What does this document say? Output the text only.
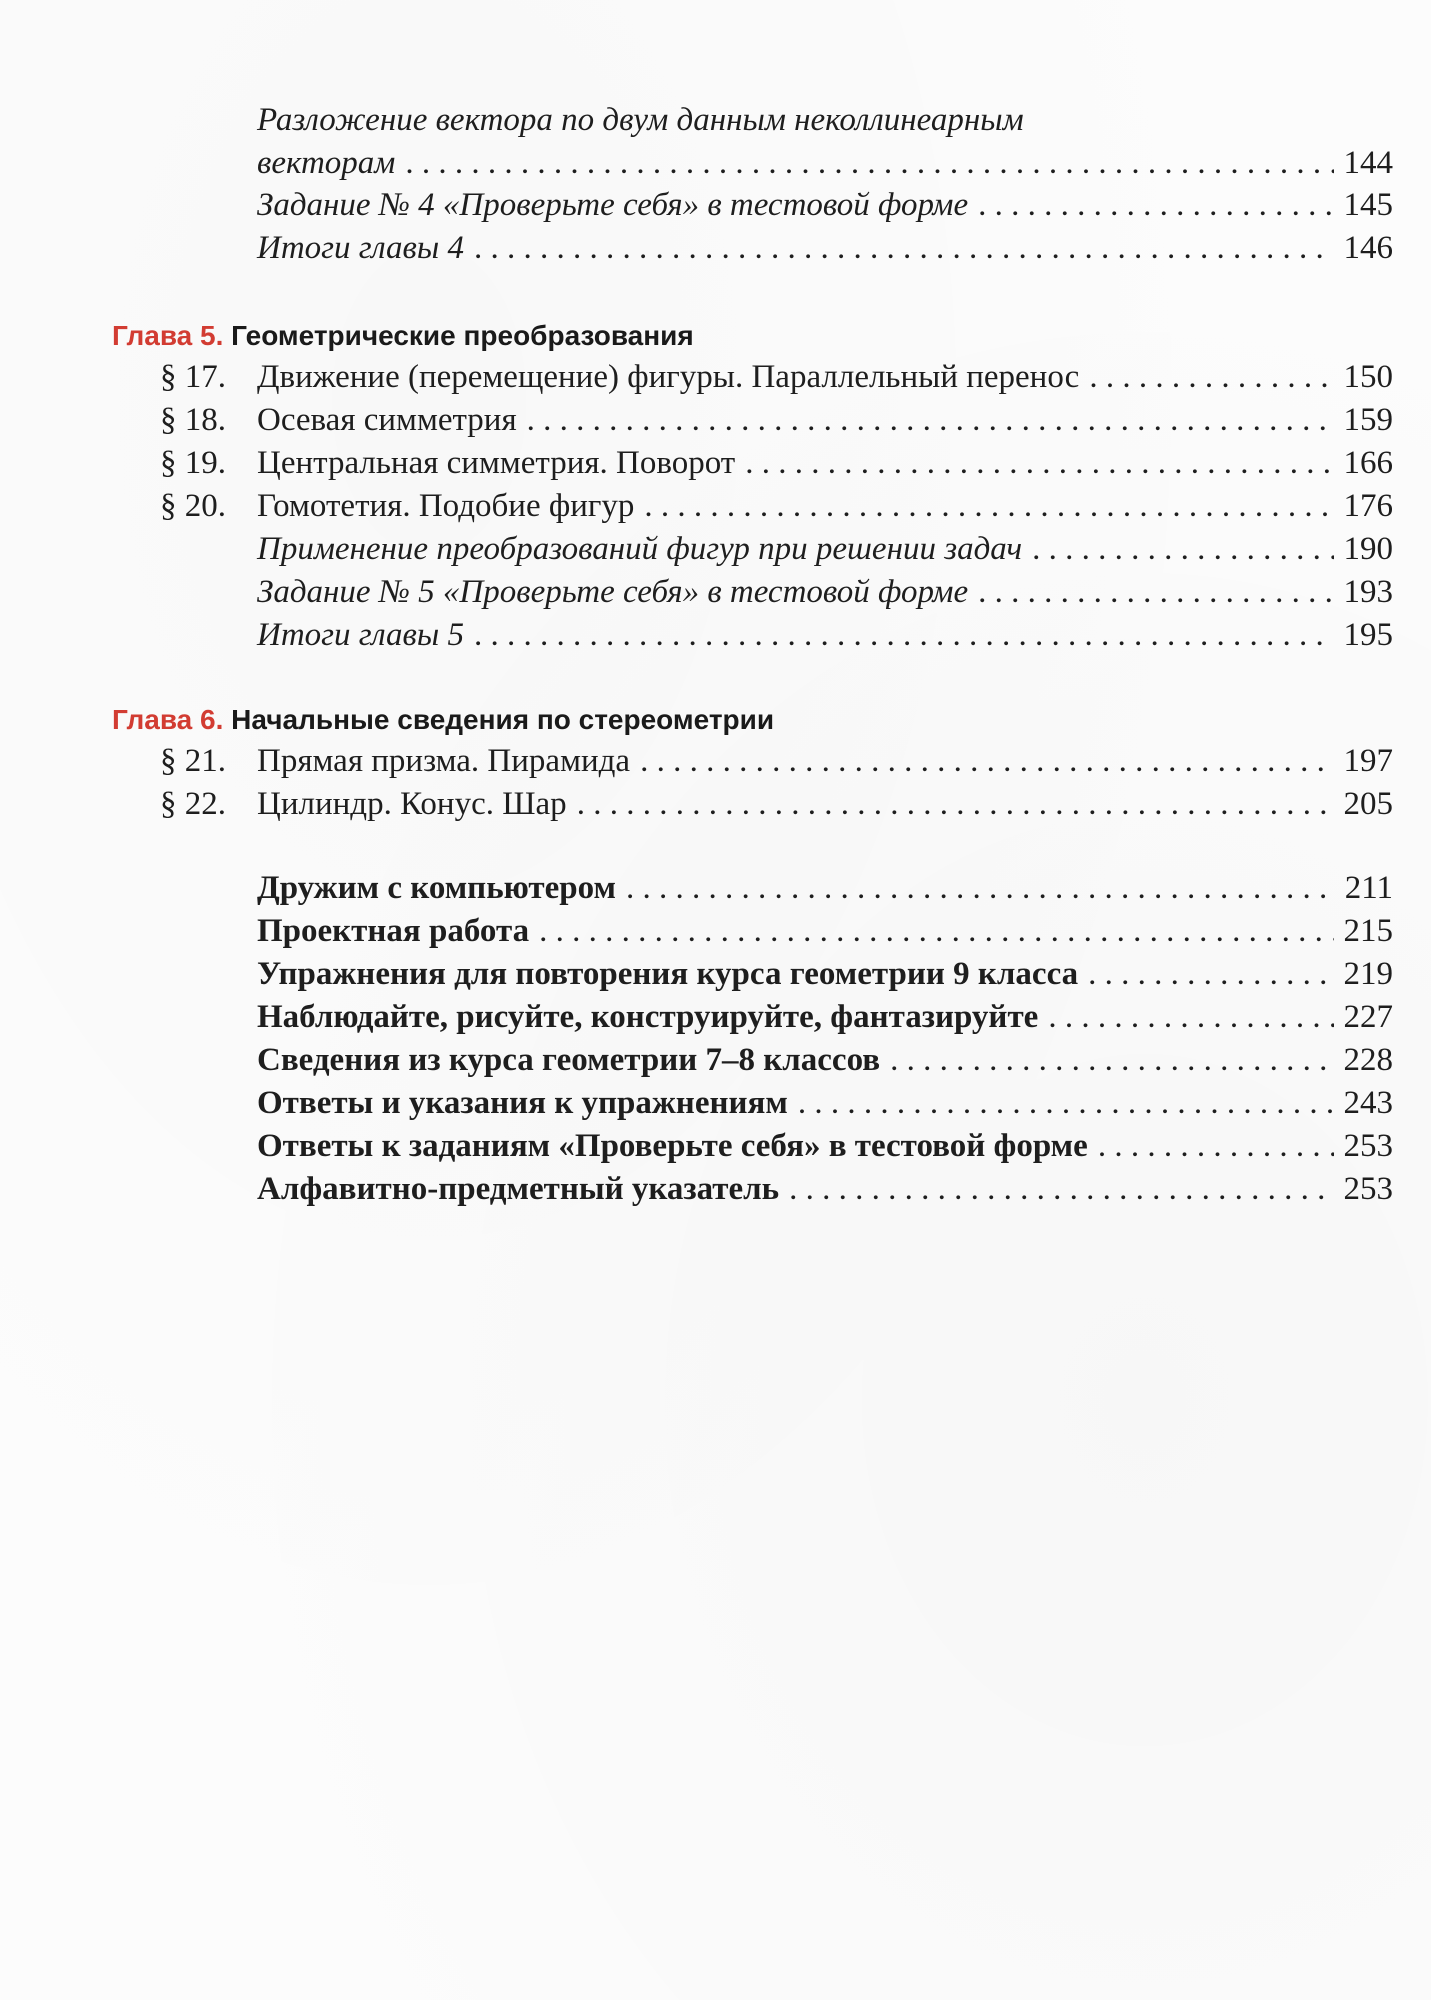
Разложение вектора по двум данным неколлинеарным
векторам . . .	144
Задание № 4 «Проверьте себя» в тестовой форме . . .	145
Итоги главы 4 . . .	146
Глава 5. Геометрические преобразования
§ 17. Движение (перемещение) фигуры. Параллельный перенос . . .	150
§ 18. Осевая симметрия . . .	159
§ 19. Центральная симметрия. Поворот . . .	166
§ 20. Гомотетия. Подобие фигур . . .	176
Применение преобразований фигур при решении задач . . .	190
Задание № 5 «Проверьте себя» в тестовой форме . . .	193
Итоги главы 5 . . .	195
Глава 6. Начальные сведения по стереометрии
§ 21. Прямая призма. Пирамида . . .	197
§ 22. Цилиндр. Конус. Шар . . .	205
Дружим с компьютером . . .	211
Проектная работа . . .	215
Упражнения для повторения курса геометрии 9 класса . . .	219
Наблюдайте, рисуйте, конструируйте, фантазируйте . . .	227
Сведения из курса геометрии 7–8 классов . . .	228
Ответы и указания к упражнениям . . .	243
Ответы к заданиям «Проверьте себя» в тестовой форме . . .	253
Алфавитно-предметный указатель . . .	253
